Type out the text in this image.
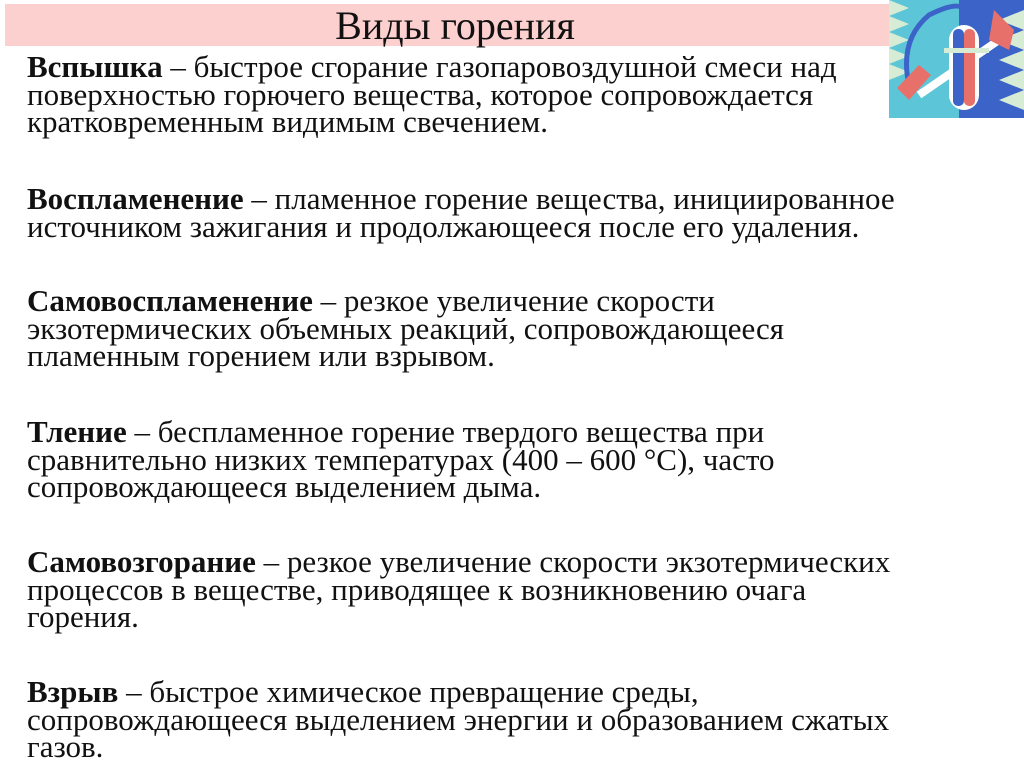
Виды горения
Вспышка – быстрое сгорание газопаровоздушной смеси над
поверхностью горючего вещества, которое сопровождается
кратковременным видимым свечением.
Воспламенение – пламенное горение вещества, инициированное
источником зажигания и продолжающееся после его удаления.
Самовоспламенение – резкое увеличение скорости
экзотермических объемных реакций, сопровождающееся
пламенным горением или взрывом.
Тление – беспламенное горение твердого вещества при
сравнительно низких температурах (400 – 600 °С), часто
сопровождающееся выделением дыма.
Самовозгорание – резкое увеличение скорости экзотермических
процессов в веществе, приводящее к возникновению очага
горения.
Взрыв – быстрое химическое превращение среды,
сопровождающееся выделением энергии и образованием сжатых
газов.
